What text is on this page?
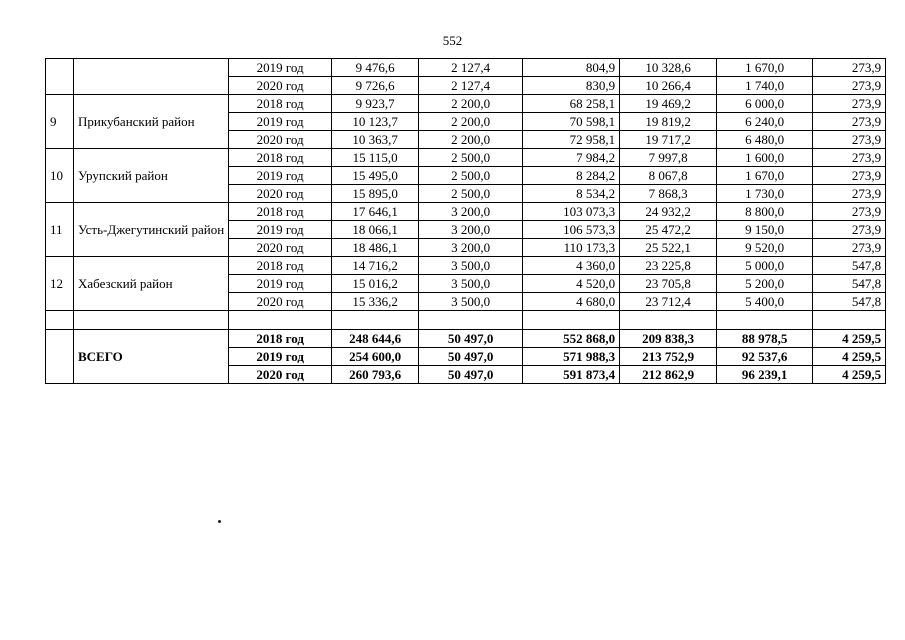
552
		2019 год	9 476,6	2 127,4	804,9	10 328,6	1 670,0	273,9
		2020 год	9 726,6	2 127,4	830,9	10 266,4	1 740,0	273,9
9	Прикубанский район	2018 год	9 923,7	2 200,0	68 258,1	19 469,2	6 000,0	273,9
		2019 год	10 123,7	2 200,0	70 598,1	19 819,2	6 240,0	273,9
		2020 год	10 363,7	2 200,0	72 958,1	19 717,2	6 480,0	273,9
10	Урупский район	2018 год	15 115,0	2 500,0	7 984,2	7 997,8	1 600,0	273,9
		2019 год	15 495,0	2 500,0	8 284,2	8 067,8	1 670,0	273,9
		2020 год	15 895,0	2 500,0	8 534,2	7 868,3	1 730,0	273,9
11	Усть-Джегутинский район	2018 год	17 646,1	3 200,0	103 073,3	24 932,2	8 800,0	273,9
		2019 год	18 066,1	3 200,0	106 573,3	25 472,2	9 150,0	273,9
		2020 год	18 486,1	3 200,0	110 173,3	25 522,1	9 520,0	273,9
12	Хабезский район	2018 год	14 716,2	3 500,0	4 360,0	23 225,8	5 000,0	547,8
		2019 год	15 016,2	3 500,0	4 520,0	23 705,8	5 200,0	547,8
		2020 год	15 336,2	3 500,0	4 680,0	23 712,4	5 400,0	547,8

	ВСЕГО	2018 год	248 644,6	50 497,0	552 868,0	209 838,3	88 978,5	4 259,5
		2019 год	254 600,0	50 497,0	571 988,3	213 752,9	92 537,6	4 259,5
		2020 год	260 793,6	50 497,0	591 873,4	212 862,9	96 239,1	4 259,5
